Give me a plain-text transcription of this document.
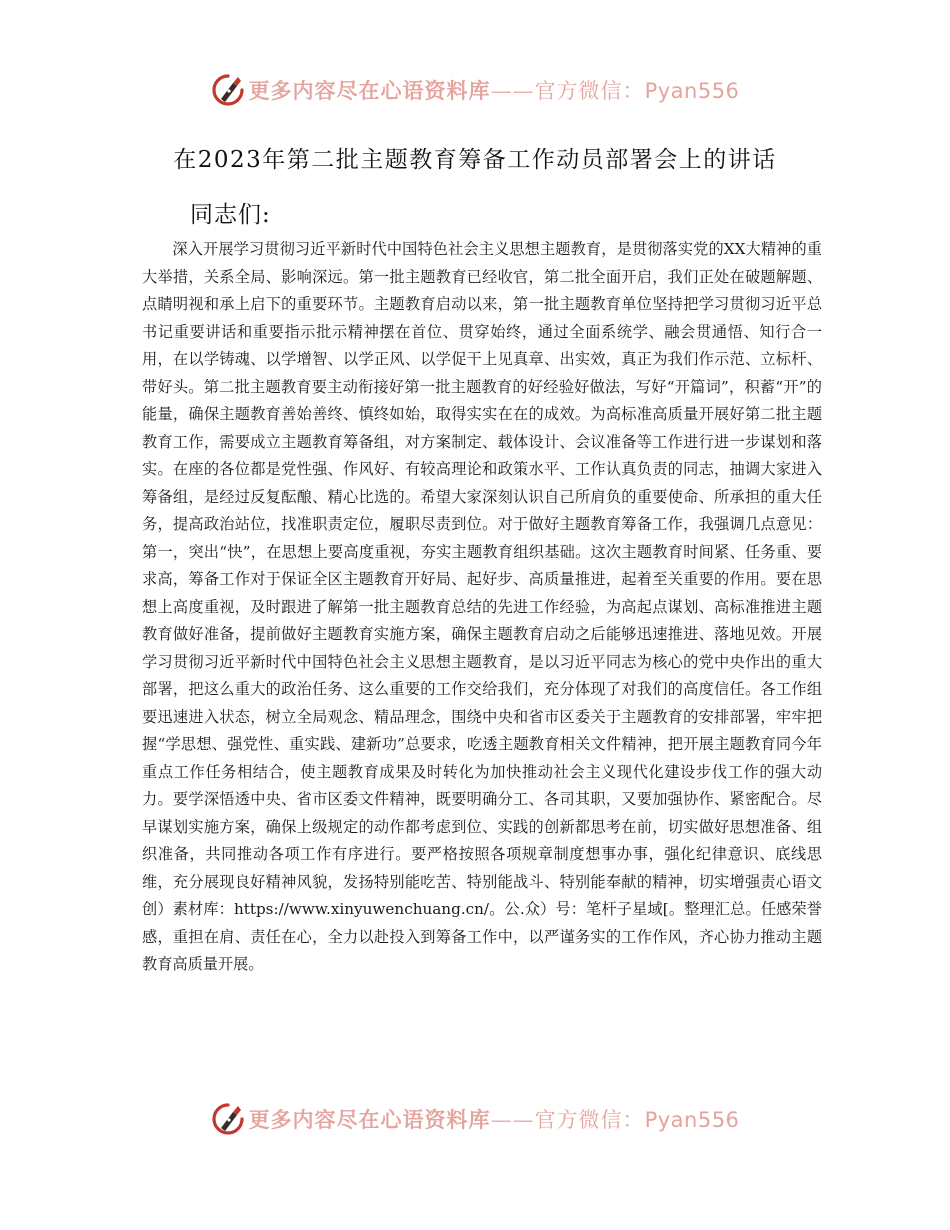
更多内容尽在心语资料库——官方微信：Pyan556
在2023年第二批主题教育筹备工作动员部署会上的讲话
同志们:

深入开展学习贯彻习近平新时代中国特色社会主义思想主题教育，是贯彻落实党的XX大精神的重大举措，关系全局、影响深远。第一批主题教育已经收官，第二批全面开启，我们正处在破题解题、点睛明视和承上启下的重要环节。主题教育启动以来，第一批主题教育单位坚持把学习贯彻习近平总书记重要讲话和重要指示批示精神摆在首位、贯穿始终，通过全面系统学、融会贯通悟、知行合一用，在以学铸魂、以学增智、以学正风、以学促干上见真章、出实效，真正为我们作示范、立标杆、带好头。第二批主题教育要主动衔接好第一批主题教育的好经验好做法，写好“开篇词”，积蓄“开”的能量，确保主题教育善始善终、慎终如始，取得实实在在的成效。为高标准高质量开展好第二批主题教育工作，需要成立主题教育筹备组，对方案制定、载体设计、会议准备等工作进行进一步谋划和落实。在座的各位都是党性强、作风好、有较高理论和政策水平、工作认真负责的同志，抽调大家进入筹备组，是经过反复酝酿、精心比选的。希望大家深刻认识自己所肩负的重要使命、所承担的重大任务，提高政治站位，找准职责定位，履职尽责到位。对于做好主题教育筹备工作，我强调几点意见：第一，突出“快”，在思想上要高度重视，夯实主题教育组织基础。这次主题教育时间紧、任务重、要求高，筹备工作对于保证全区主题教育开好局、起好步、高质量推进，起着至关重要的作用。要在思想上高度重视，及时跟进了解第一批主题教育总结的先进工作经验，为高起点谋划、高标准推进主题教育做好准备，提前做好主题教育实施方案，确保主题教育启动之后能够迅速推进、落地见效。开展学习贯彻习近平新时代中国特色社会主义思想主题教育，是以习近平同志为核心的党中央作出的重大部署，把这么重大的政治任务、这么重要的工作交给我们，充分体现了对我们的高度信任。各工作组要迅速进入状态，树立全局观念、精品理念，围绕中央和省市区委关于主题教育的安排部署，牢牢把握“学思想、强党性、重实践、建新功”总要求，吃透主题教育相关文件精神，把开展主题教育同今年重点工作任务相结合，使主题教育成果及时转化为加快推动社会主义现代化建设步伐工作的强大动力。要学深悟透中央、省市区委文件精神，既要明确分工、各司其职，又要加强协作、紧密配合。尽早谋划实施方案，确保上级规定的动作都考虑到位、实践的创新都思考在前，切实做好思想准备、组织准备，共同推动各项工作有序进行。要严格按照各项规章制度想事办事，强化纪律意识、底线思维，充分展现良好精神风貌，发扬特别能吃苦、特别能战斗、特别能奉献的精神，切实增强责心语文创）素材库：https://www.xinyuwenchuang.cn/。公.众）号：笔杆子星域[。整理汇总。任感荣誉感，重担在肩、责任在心，全力以赴投入到筹备工作中，以严谨务实的工作作风，齐心协力推动主题教育高质量开展。

更多内容尽在心语资料库——官方微信：Pyan556
